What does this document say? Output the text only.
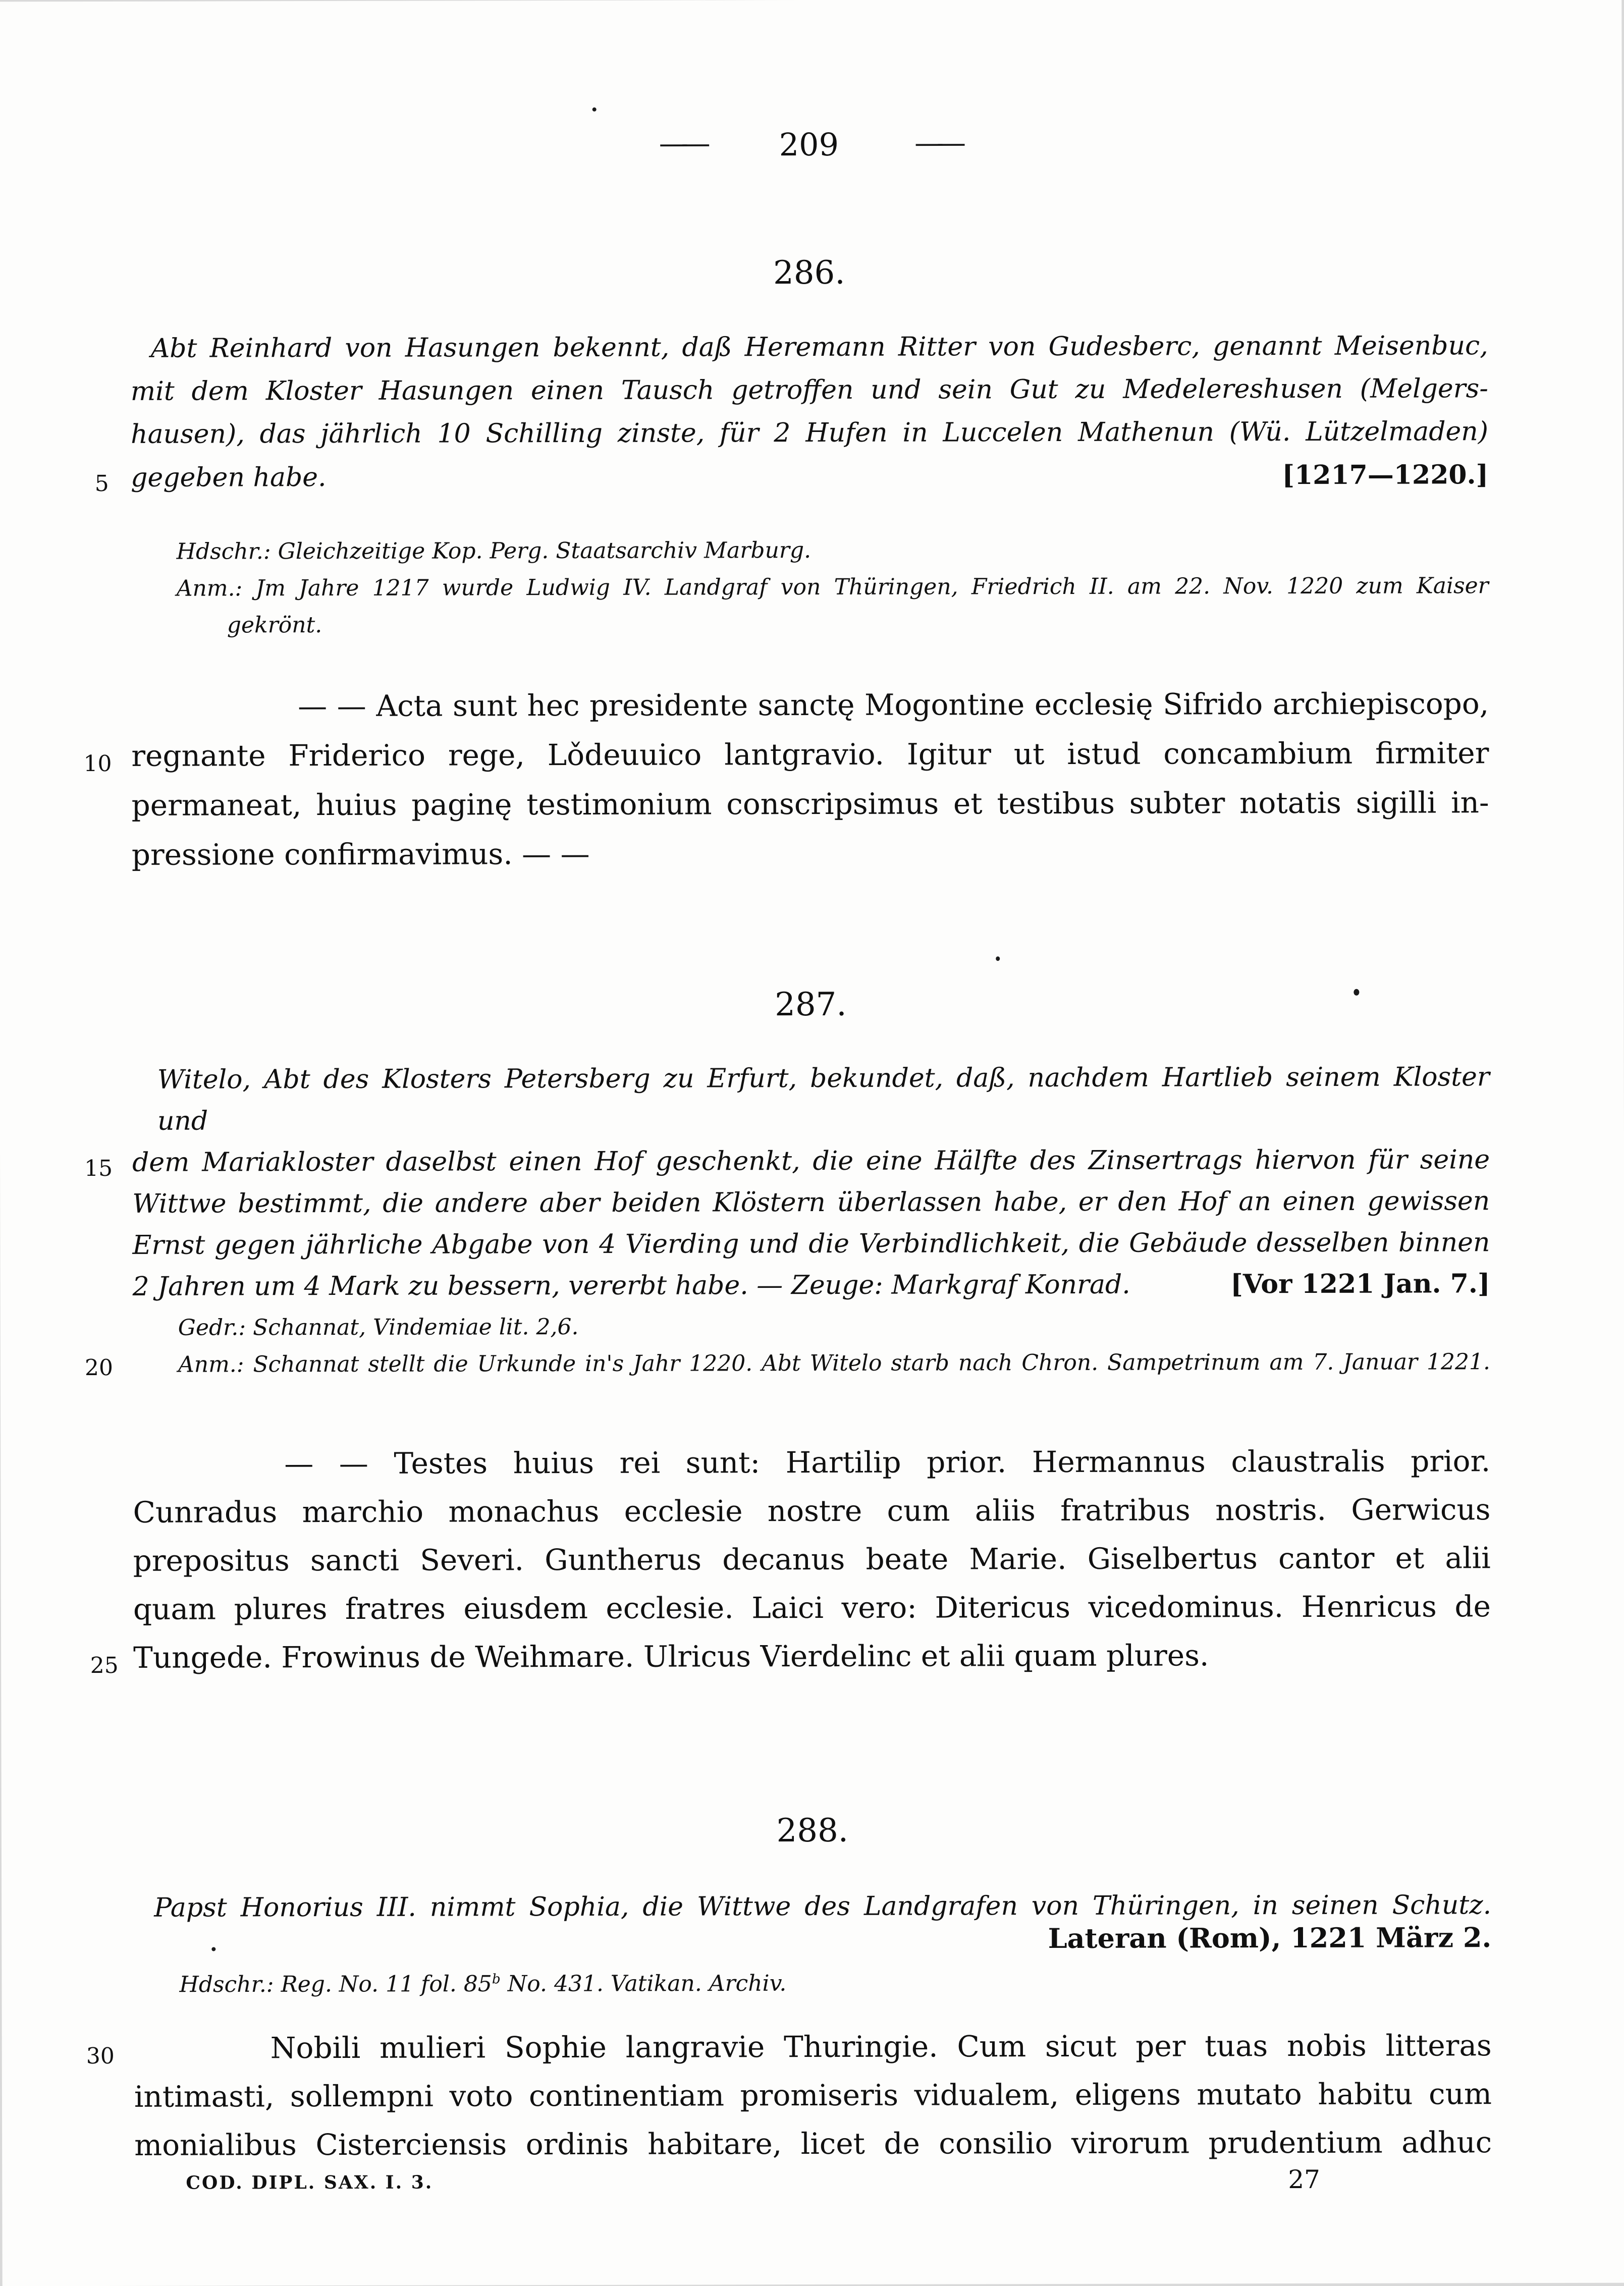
—— 209	——
286.
Abt Reinhard von Hasungen bekennt, daß Heremann Ritter von Gudesberc, genannt Meisenbuc,
mit dem Kloster Hasungen einen Tausch getroffen und sein Gut zu Medelereshusen (Melgers-
hausen), das jährlich 10 Schilling zinste, für 2 Hufen in Luccelen Mathenun (Wü. Lützelmaden)
5 gegeben habe.	[1217—1220.]
Hdschr.: Gleichzeitige Kop. Perg. Staatsarchiv Marburg.
Anm.: Jm Jahre 1217 wurde Ludwig IV. Landgraf von Thüringen, Friedrich II. am 22. Nov. 1220 zum Kaiser
gekrönt.
— — Acta sunt hec presidente sanctę Mogontine ecclesię Sifrido archiepiscopo,
10 regnante Friderico rege, Lǒdeuuico lantgravio. Igitur ut istud concambium firmiter
permaneat, huius paginę testimonium conscripsimus et testibus subter notatis sigilli in-
pressione confirmavimus. — —
287.
Witelo, Abt des Klosters Petersberg zu Erfurt, bekundet, daß, nachdem Hartlieb seinem Kloster und
15 dem Mariakloster daselbst einen Hof geschenkt, die eine Hälfte des Zinsertrags hiervon für seine
Wittwe bestimmt, die andere aber beiden Klöstern überlassen habe, er den Hof an einen gewissen
Ernst gegen jährliche Abgabe von 4 Vierding und die Verbindlichkeit, die Gebäude desselben binnen
2 Jahren um 4 Mark zu bessern, vererbt habe. — Zeuge: Markgraf Konrad.	[Vor 1221 Jan. 7.]
Gedr.: Schannat, Vindemiae lit. 2,6.
20	Anm.: Schannat stellt die Urkunde in's Jahr 1220. Abt Witelo starb nach Chron. Sampetrinum am 7. Januar 1221.
— — Testes huius rei sunt: Hartilip prior. Hermannus claustralis prior.
Cunradus marchio monachus ecclesie nostre cum aliis fratribus nostris. Gerwicus
prepositus sancti Severi. Guntherus decanus beate Marie. Giselbertus cantor et alii
quam plures fratres eiusdem ecclesie. Laici vero: Ditericus vicedominus. Henricus de
25 Tungede. Frowinus de Weihmare. Ulricus Vierdelinc et alii quam plures.
288.
Papst Honorius III. nimmt Sophia, die Wittwe des Landgrafen von Thüringen, in seinen Schutz.
Lateran (Rom), 1221 März 2.
Hdschr.: Reg. No. 11 fol. 85$^b$ No. 431. Vatikan. Archiv.
30	Nobili mulieri Sophie langravie Thuringie. Cum sicut per tuas nobis litteras
intimasti, sollempni voto continentiam promiseris vidualem, eligens mutato habitu cum
monialibus Cisterciensis ordinis habitare, licet de consilio virorum prudentium adhuc
COD. DIPL. SAX. I. 3.	27
